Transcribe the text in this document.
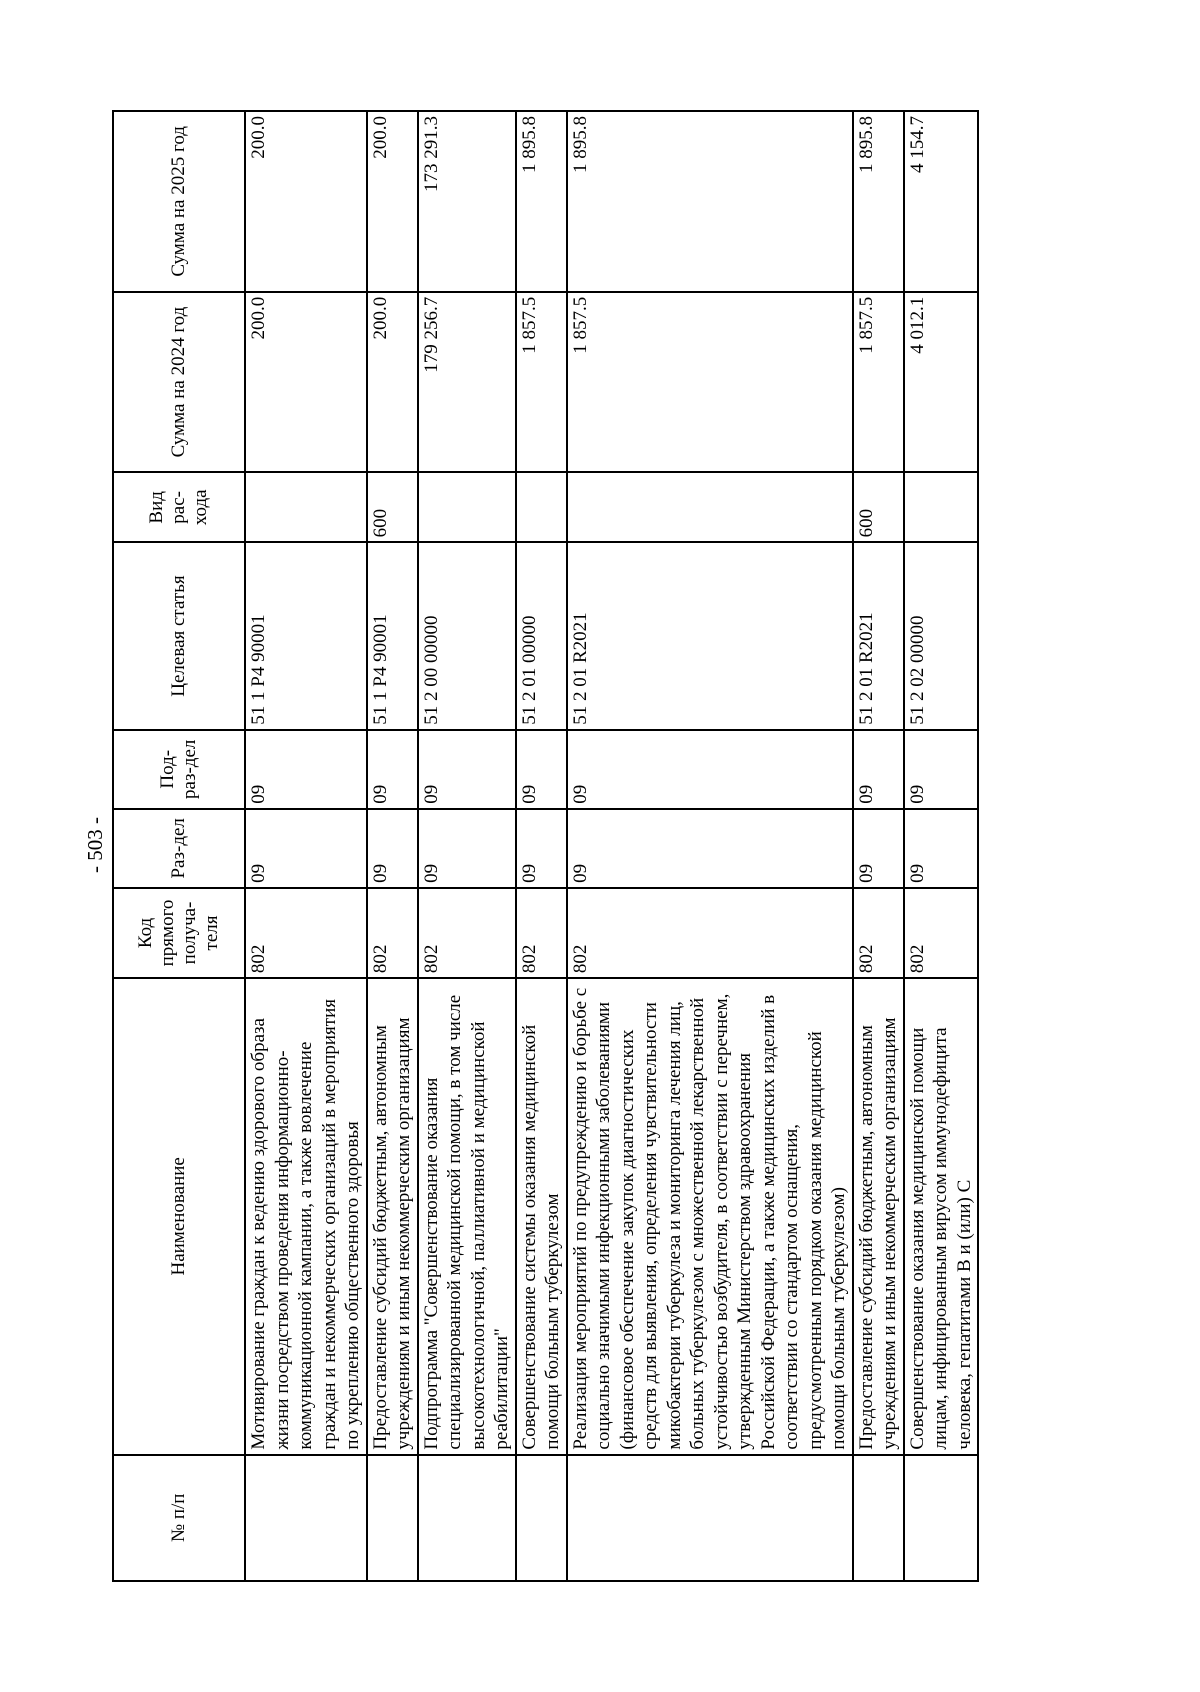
- 503 -
№ п/п	Наименование	Код прямого получа-теля	Раз-дел	Под-раз-дел	Целевая статья	Вид рас-хода	Сумма на 2024 год	Сумма на 2025 год
	Мотивирование граждан к ведению здорового образа жизни посредством проведения информационно-коммуникационной кампании, а также вовлечение граждан и некоммерческих организаций в мероприятия по укреплению общественного здоровья	802	09	09	51 1 P4 90001		200.0	200.0
	Предоставление субсидий бюджетным, автономным учреждениям и иным некоммерческим организациям	802	09	09	51 1 P4 90001	600	200.0	200.0
	Подпрограмма "Совершенствование оказания специализированной медицинской помощи, в том числе высокотехнологичной, паллиативной и медицинской реабилитации"	802	09	09	51 2 00 00000		179 256.7	173 291.3
	Совершенствование системы оказания медицинской помощи больным туберкулезом	802	09	09	51 2 01 00000		1 857.5	1 895.8
	Реализация мероприятий по предупреждению и борьбе с социально значимыми инфекционными заболеваниями (финансовое обеспечение закупок диагностических средств для выявления, определения чувствительности микобактерии туберкулеза и мониторинга лечения лиц, больных туберкулезом с множественной лекарственной устойчивостью возбудителя, в соответствии с перечнем, утвержденным Министерством здравоохранения Российской Федерации, а также медицинских изделий в соответствии со стандартом оснащения, предусмотренным порядком оказания медицинской помощи больным туберкулезом)	802	09	09	51 2 01 R2021		1 857.5	1 895.8
	Предоставление субсидий бюджетным, автономным учреждениям и иным некоммерческим организациям	802	09	09	51 2 01 R2021	600	1 857.5	1 895.8
	Совершенствование оказания медицинской помощи лицам, инфицированным вирусом иммунодефицита человека, гепатитами В и (или) С	802	09	09	51 2 02 00000		4 012.1	4 154.7
